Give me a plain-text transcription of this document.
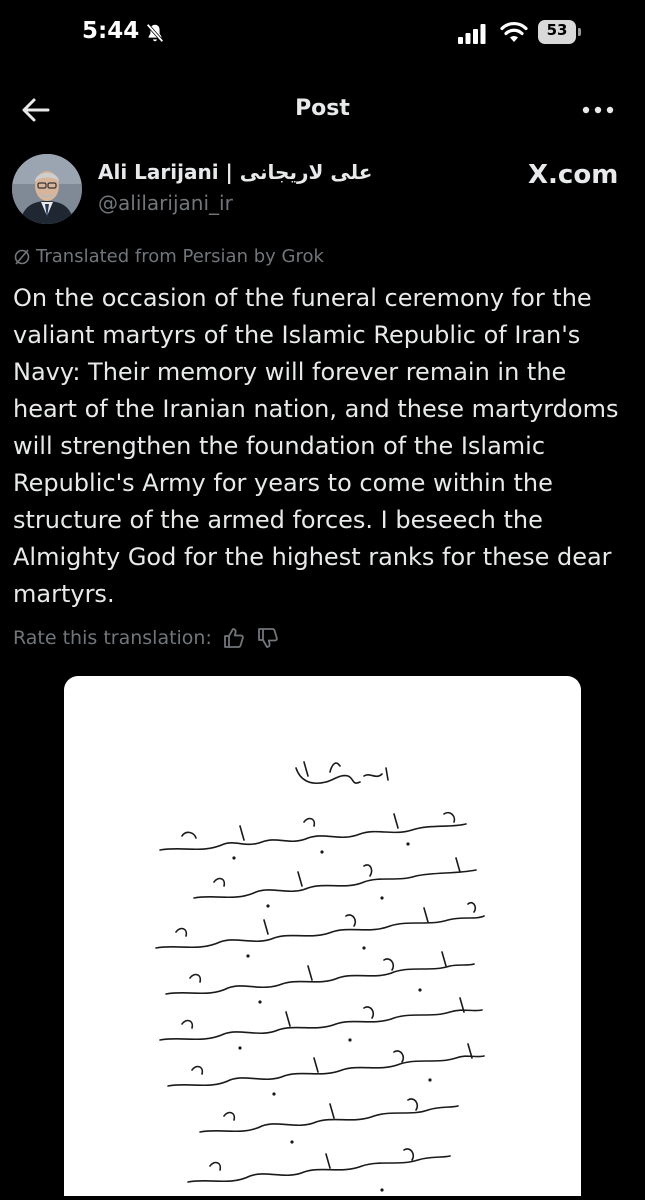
5:44	53
Post
Ali Larijani | علی لاریجانی
@alilarijani_ir
X.com
Translated from Persian by Grok

On the occasion of the funeral ceremony for the valiant martyrs of the Islamic Republic of Iran's Navy: Their memory will forever remain in the heart of the Iranian nation, and these martyrdoms will strengthen the foundation of the Islamic Republic's Army for years to come within the structure of the armed forces. I beseech the Almighty God for the highest ranks for these dear martyrs.

Rate this translation:
